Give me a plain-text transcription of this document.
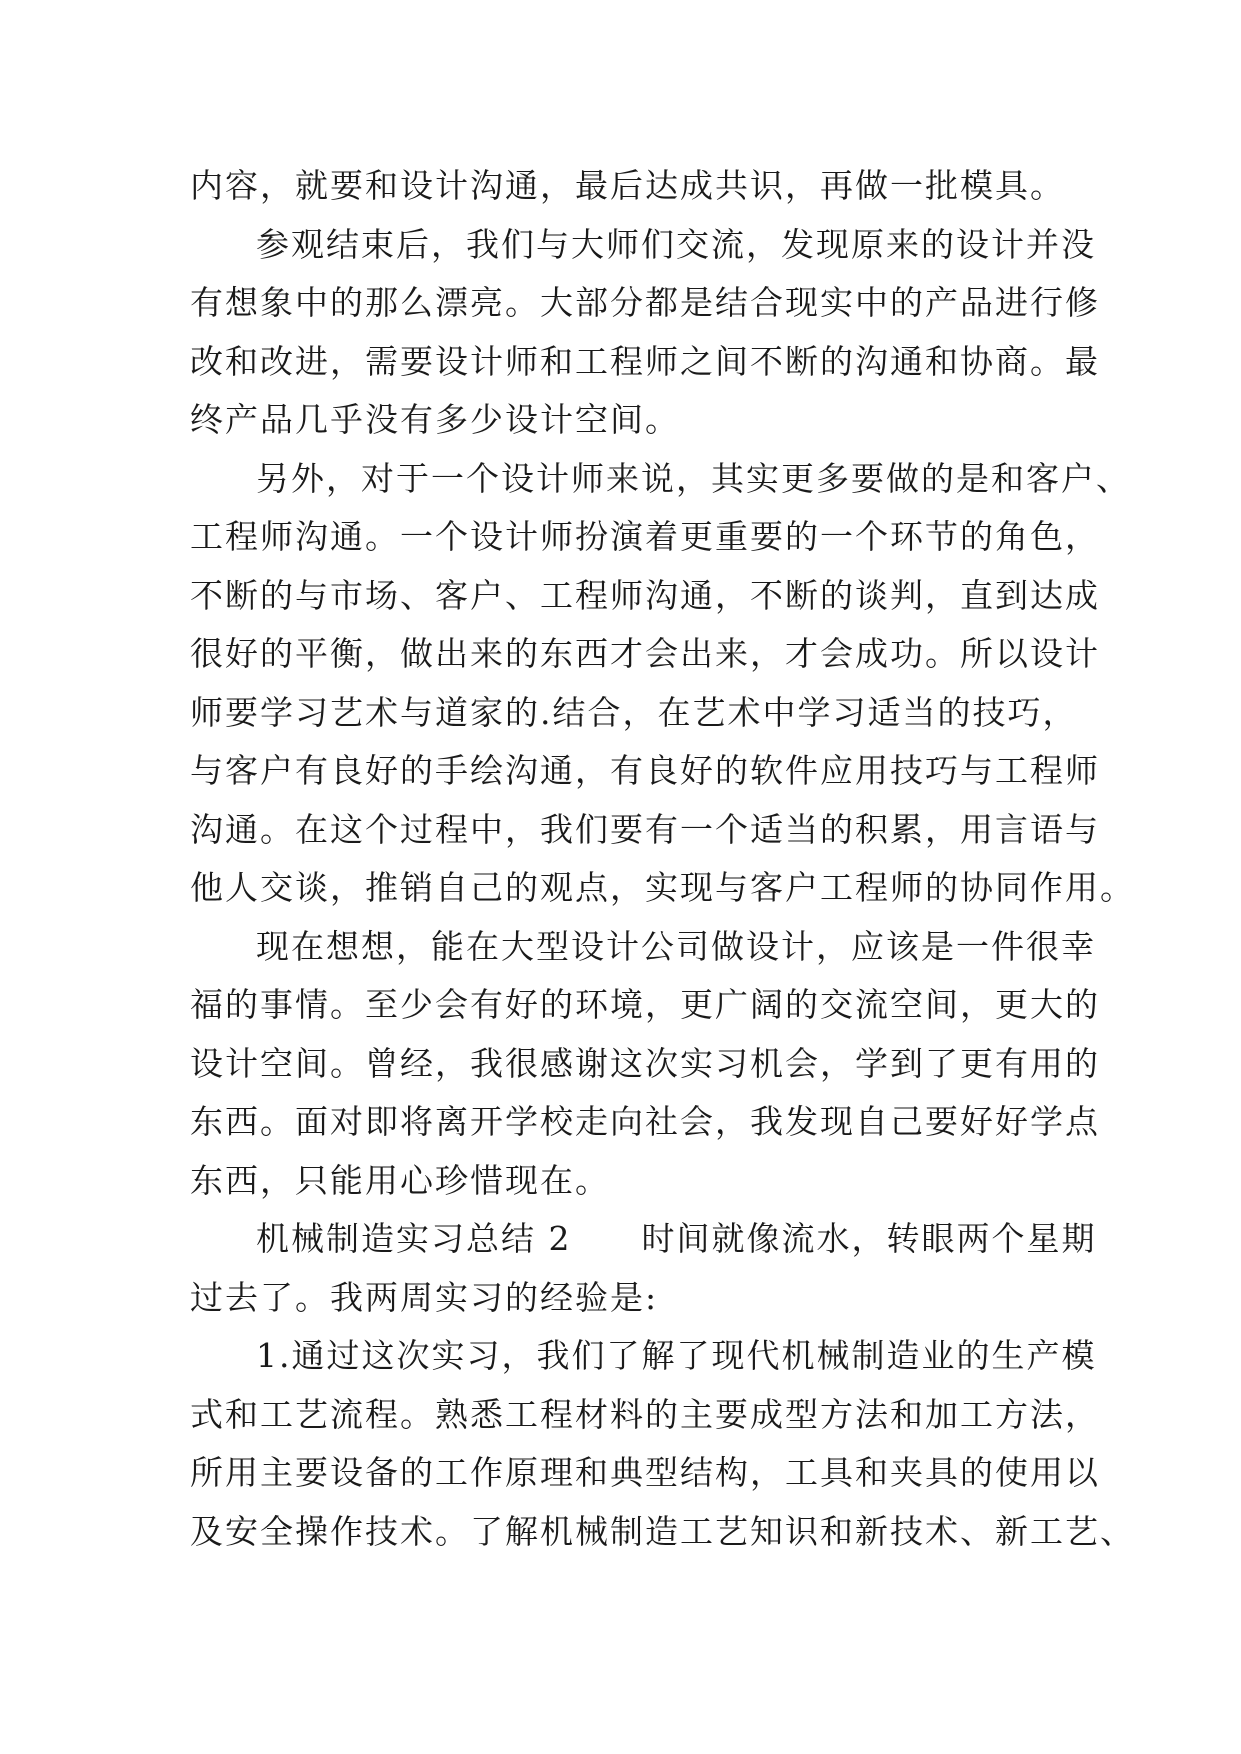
内容，就要和设计沟通，最后达成共识，再做一批模具。
参观结束后，我们与大师们交流，发现原来的设计并没
有想象中的那么漂亮。大部分都是结合现实中的产品进行修
改和改进，需要设计师和工程师之间不断的沟通和协商。最
终产品几乎没有多少设计空间。
另外，对于一个设计师来说，其实更多要做的是和客户、
工程师沟通。一个设计师扮演着更重要的一个环节的角色，
不断的与市场、客户、工程师沟通，不断的谈判，直到达成
很好的平衡，做出来的东西才会出来，才会成功。所以设计
师要学习艺术与道家的.结合，在艺术中学习适当的技巧，
与客户有良好的手绘沟通，有良好的软件应用技巧与工程师
沟通。在这个过程中，我们要有一个适当的积累，用言语与
他人交谈，推销自己的观点，实现与客户工程师的协同作用。
现在想想，能在大型设计公司做设计，应该是一件很幸
福的事情。至少会有好的环境，更广阔的交流空间，更大的
设计空间。曾经，我很感谢这次实习机会，学到了更有用的
东西。面对即将离开学校走向社会，我发现自己要好好学点
东西，只能用心珍惜现在。
机械制造实习总结 2　　时间就像流水，转眼两个星期
过去了。我两周实习的经验是:
1.通过这次实习，我们了解了现代机械制造业的生产模
式和工艺流程。熟悉工程材料的主要成型方法和加工方法，
所用主要设备的工作原理和典型结构，工具和夹具的使用以
及安全操作技术。了解机械制造工艺知识和新技术、新工艺、
